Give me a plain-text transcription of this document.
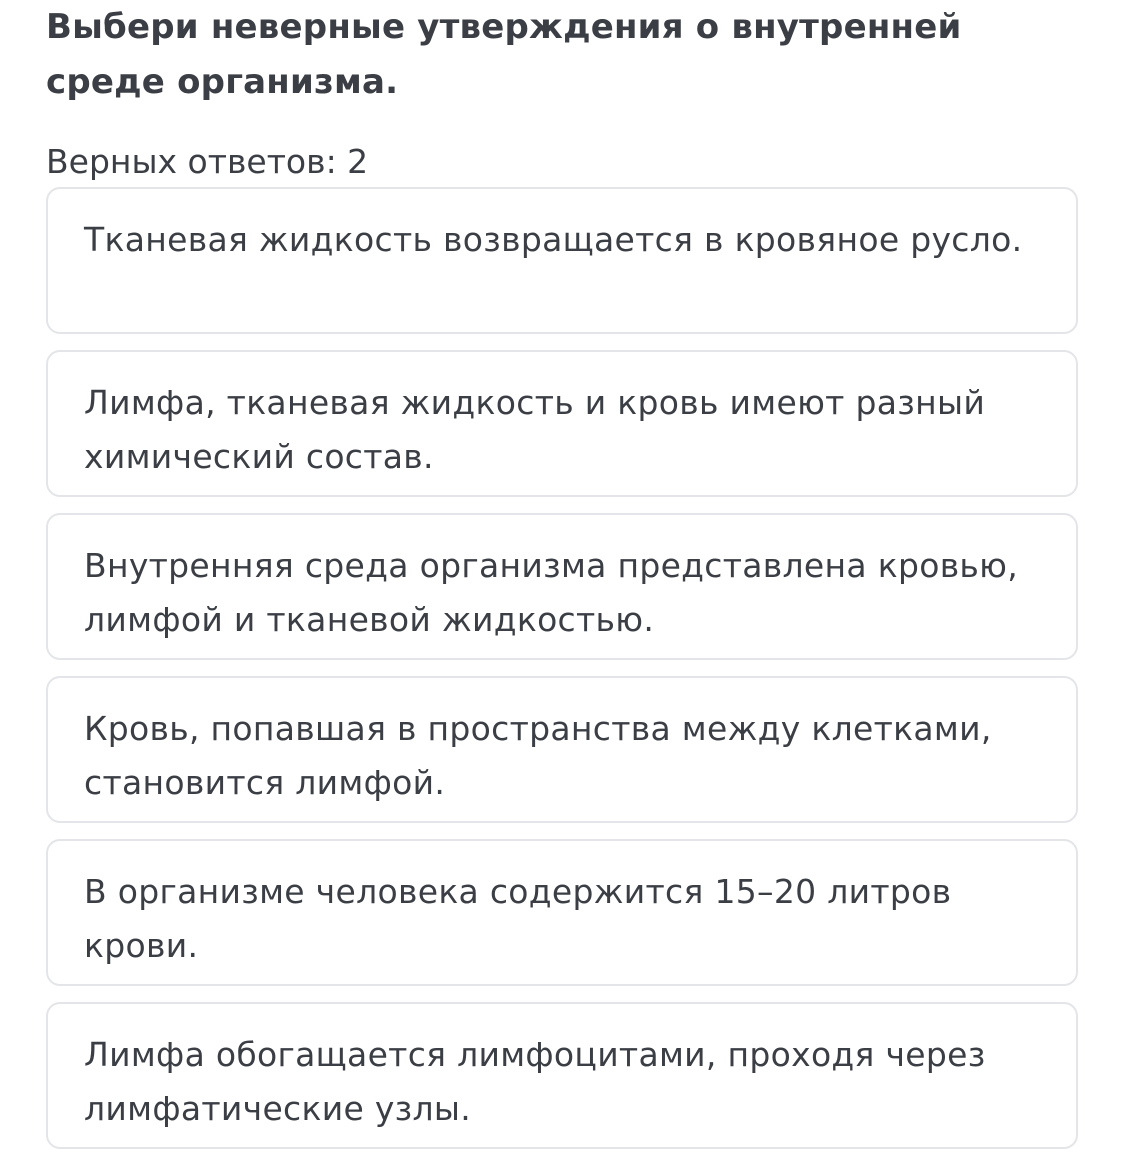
Выбери неверные утверждения о внутренней среде организма.

Верных ответов: 2

Тканевая жидкость возвращается в кровяное русло.
Лимфа, тканевая жидкость и кровь имеют разный химический состав.
Внутренняя среда организма представлена кровью, лимфой и тканевой жидкостью.
Кровь, попавшая в пространства между клетками, становится лимфой.
В организме человека содержится 15–20 литров крови.
Лимфа обогащается лимфоцитами, проходя через лимфатические узлы.
